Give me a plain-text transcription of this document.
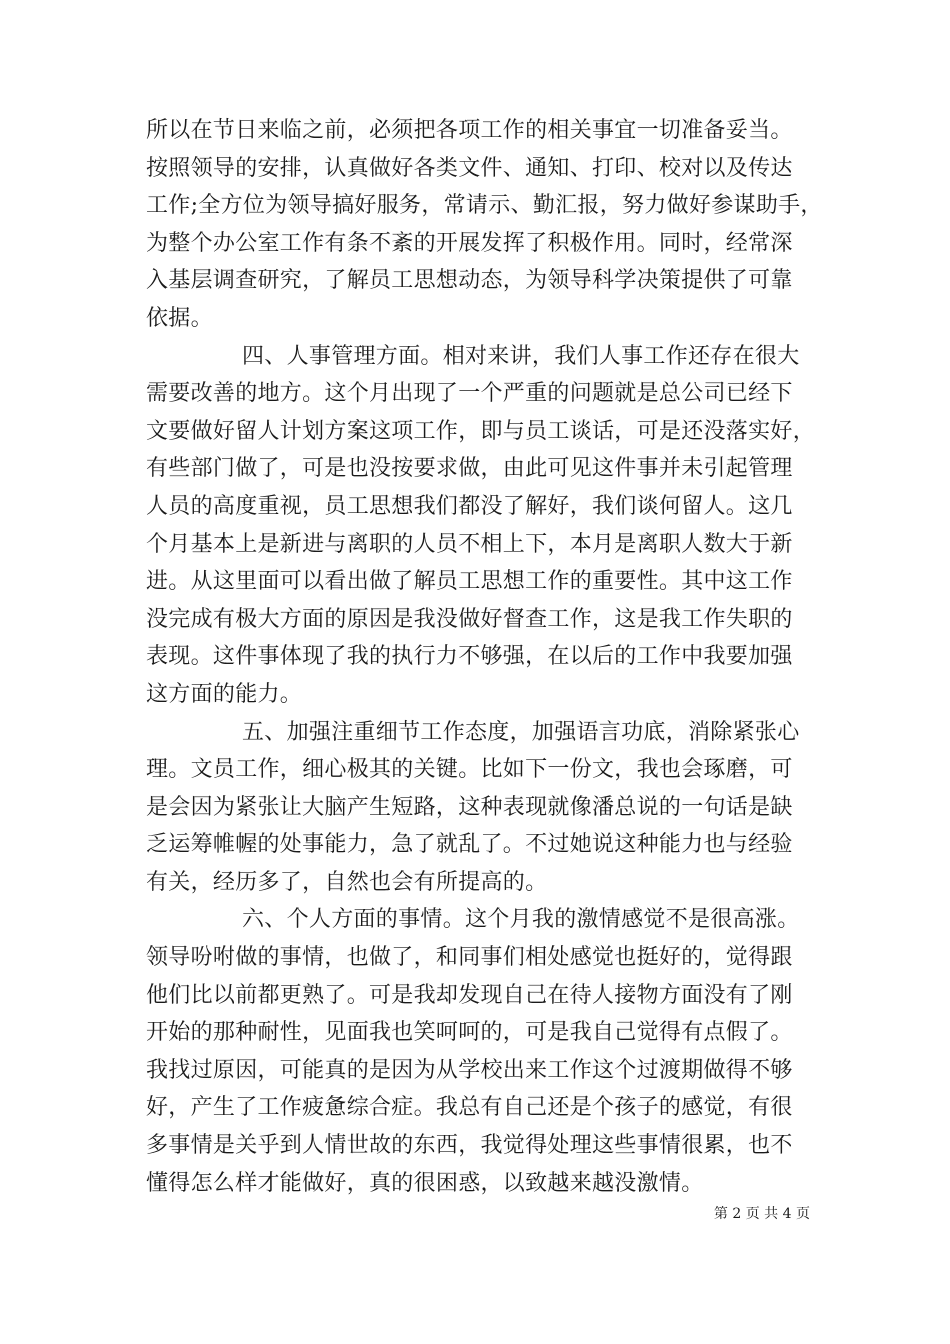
所以在节日来临之前，必须把各项工作的相关事宜一切准备妥当。
按照领导的安排，认真做好各类文件、通知、打印、校对以及传达
工作;全方位为领导搞好服务，常请示、勤汇报，努力做好参谋助手，
为整个办公室工作有条不紊的开展发挥了积极作用。同时，经常深
入基层调查研究，了解员工思想动态，为领导科学决策提供了可靠
依据。
四、人事管理方面。相对来讲，我们人事工作还存在很大
需要改善的地方。这个月出现了一个严重的问题就是总公司已经下
文要做好留人计划方案这项工作，即与员工谈话，可是还没落实好，
有些部门做了，可是也没按要求做，由此可见这件事并未引起管理
人员的高度重视，员工思想我们都没了解好，我们谈何留人。这几
个月基本上是新进与离职的人员不相上下，本月是离职人数大于新
进。从这里面可以看出做了解员工思想工作的重要性。其中这工作
没完成有极大方面的原因是我没做好督查工作，这是我工作失职的
表现。这件事体现了我的执行力不够强，在以后的工作中我要加强
这方面的能力。
五、加强注重细节工作态度，加强语言功底，消除紧张心
理。文员工作，细心极其的关键。比如下一份文，我也会琢磨，可
是会因为紧张让大脑产生短路，这种表现就像潘总说的一句话是缺
乏运筹帷幄的处事能力，急了就乱了。不过她说这种能力也与经验
有关，经历多了，自然也会有所提高的。
六、个人方面的事情。这个月我的激情感觉不是很高涨。
领导吩咐做的事情，也做了，和同事们相处感觉也挺好的，觉得跟
他们比以前都更熟了。可是我却发现自己在待人接物方面没有了刚
开始的那种耐性，见面我也笑呵呵的，可是我自己觉得有点假了。
我找过原因，可能真的是因为从学校出来工作这个过渡期做得不够
好，产生了工作疲惫综合症。我总有自己还是个孩子的感觉，有很
多事情是关乎到人情世故的东西，我觉得处理这些事情很累，也不
懂得怎么样才能做好，真的很困惑，以致越来越没激情。
第 2 页 共 4 页
